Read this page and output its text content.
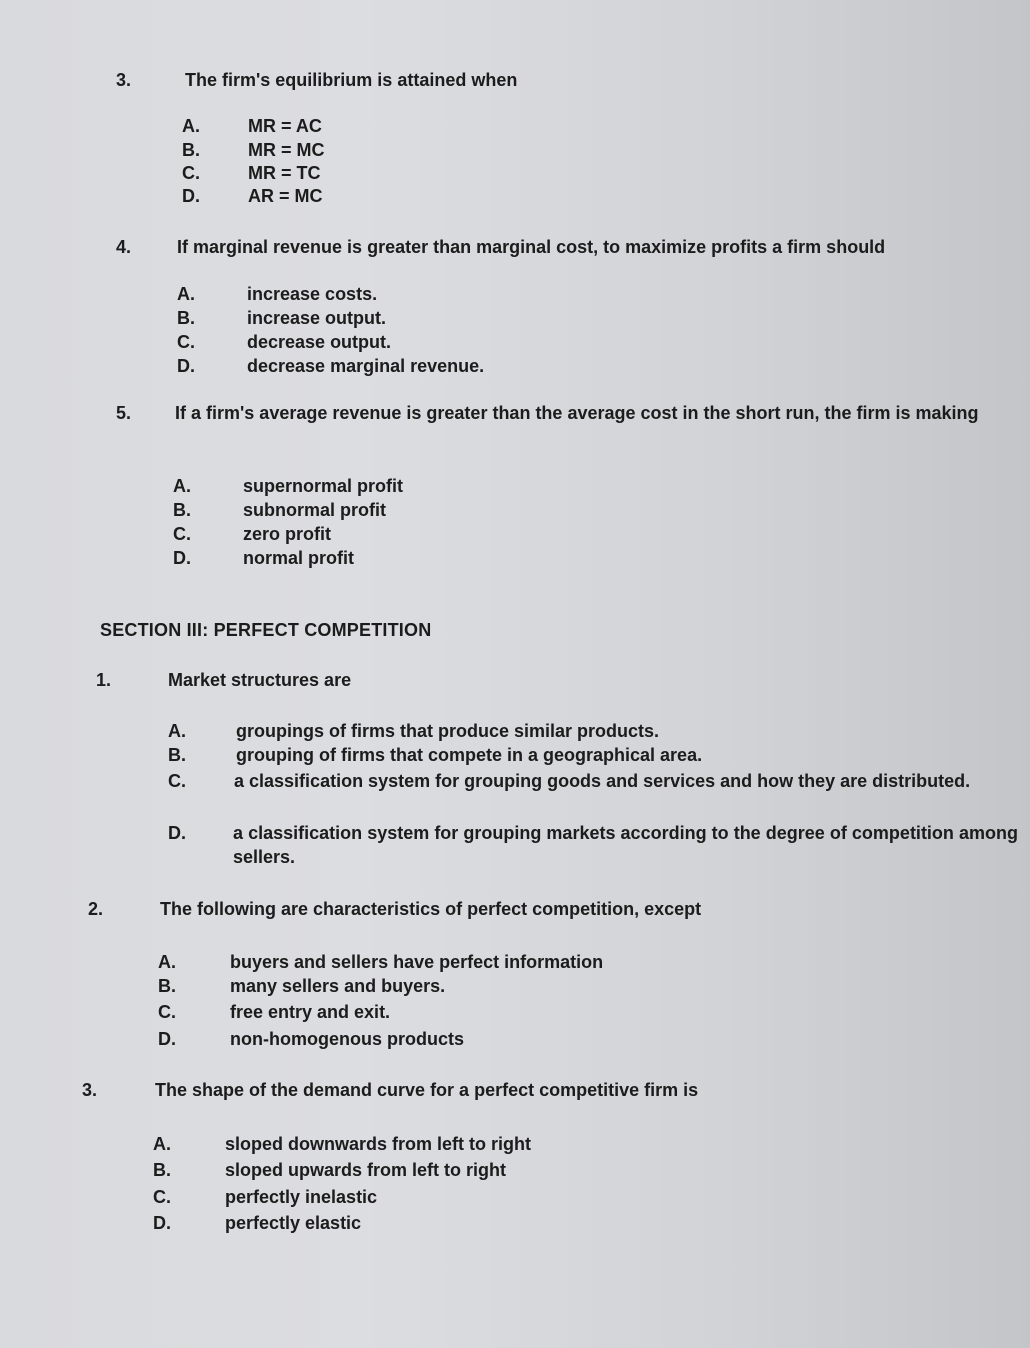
3.	The firm's equilibrium is attained when
A.	MR = AC
B.	MR = MC
C.	MR = TC
D.	AR = MC
4.	If marginal revenue is greater than marginal cost, to maximize profits a firm should
A.	increase costs.
B.	increase output.
C.	decrease output.
D.	decrease marginal revenue.
5. If a firm's average revenue is greater than the average cost in the short run, the firm is making
A.	supernormal profit
B.	subnormal profit
C.	zero profit
D.	normal profit
SECTION III: PERFECT COMPETITION
1.	Market structures are
A.	groupings of firms that produce similar products.
B.	grouping of firms that compete in a geographical area.
C.	a classification system for grouping goods and services and how they are distributed.
D.	a classification system for grouping markets according to the degree of competition among sellers.
2.	The following are characteristics of perfect competition, except
A.	buyers and sellers have perfect information
B.	many sellers and buyers.
C.	free entry and exit.
D.	non-homogenous products
3.	The shape of the demand curve for a perfect competitive firm is
A.	sloped downwards from left to right
B.	sloped upwards from left to right
C.	perfectly inelastic
D.	perfectly elastic
